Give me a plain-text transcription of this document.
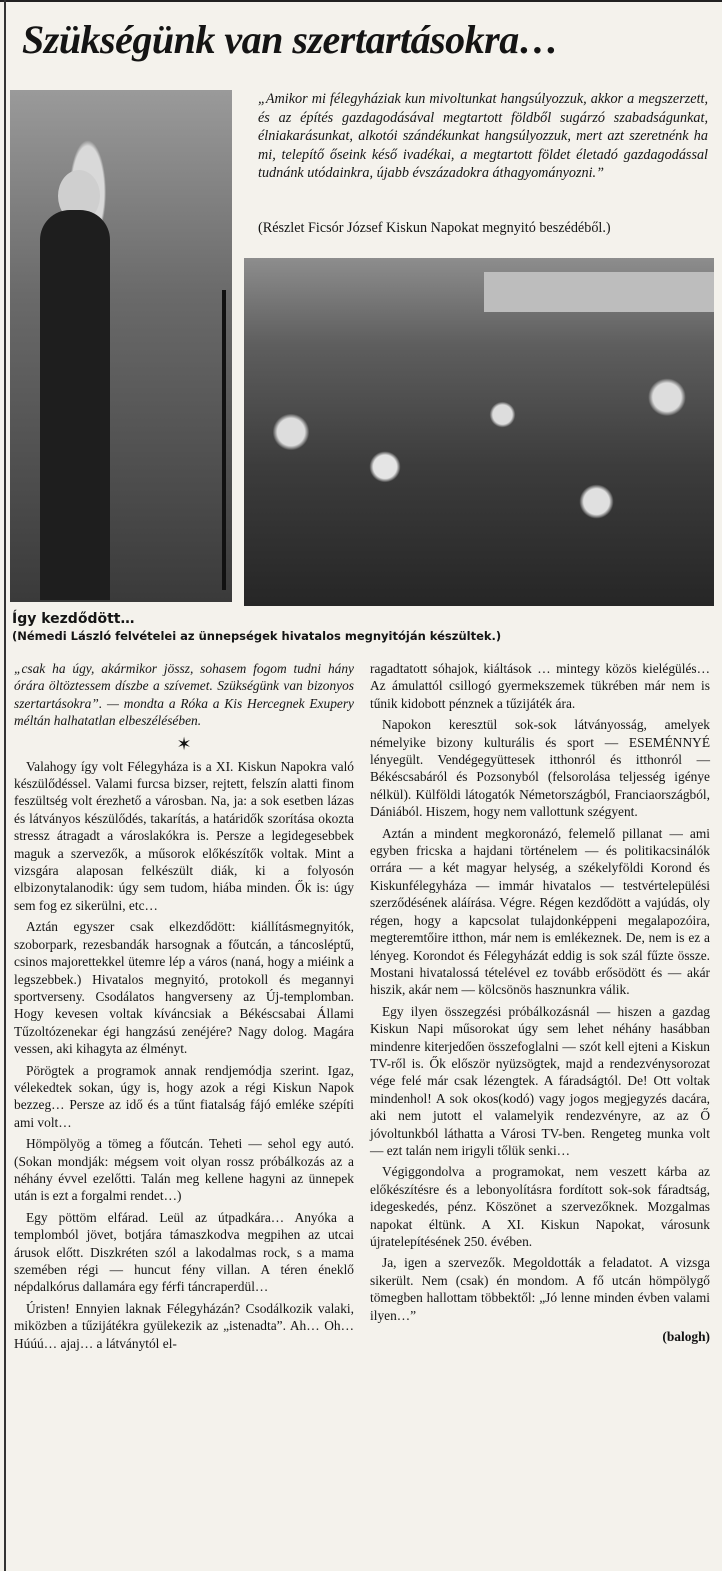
Szükségünk van szertartásokra…
„Amikor mi félegyháziak kun mivoltunkat hangsúlyozzuk, akkor a megszerzett, és az építés gazdagodásával megtartott földből sugárzó szabadságunkat, élniakarásunkat, alkotói szándékunkat hangsúlyozzuk, mert azt szeretnénk ha mi, telepítő őseink késő ivadékai, a megtartott földet életadó gazdagodással tudnánk utódainkra, újabb évszázadokra áthagyományozni.”
(Részlet Ficsór József Kiskun Napokat megnyitó beszédéből.)
Így kezdődött…
(Némedi László felvételei az ünnepségek hivatalos megnyitóján készültek.)

„csak ha úgy, akármikor jössz, sohasem fogom tudni hány órára öltöztessem díszbe a szívemet. Szükségünk van bizonyos szertartásokra”. — mondta a Róka a Kis Hercegnek Exupery méltán halhatatlan elbeszélésében.

✶

Valahogy így volt Félegyháza is a XI. Kiskun Napokra való készülődéssel. Valami furcsa bizser, rejtett, felszín alatti finom feszültség volt érezhető a városban. Na, ja: a sok esetben lázas és látványos készülődés, takarítás, a határidők szorítása okozta stressz átragadt a városlakókra is. Persze a legidegesebbek maguk a szervezők, a műsorok előkészítők voltak. Mint a vizsgára alaposan felkészült diák, ki a folyosón elbizonytalanodik: úgy sem tudom, hiába minden. Ők is: úgy sem fog ez sikerülni, etc…

Aztán egyszer csak elkezdődött: kiállításmegnyitók, szoborpark, rezesbandák harsognak a főutcán, a táncosléptű, csinos majorettekkel ütemre lép a város (naná, hogy a miéink a legszebbek.) Hivatalos megnyitó, protokoll és megannyi sportverseny. Csodálatos hangverseny az Új-templomban. Hogy kevesen voltak kíváncsiak a Békéscsabai Állami Tűzoltózenekar égi hangzású zenéjére? Nagy dolog. Magára vessen, aki kihagyta az élményt.

Pörögtek a programok annak rendjemódja szerint. Igaz, vélekedtek sokan, úgy is, hogy azok a régi Kiskun Napok bezzeg… Persze az idő és a tűnt fiatalság fájó emléke szépíti ami volt…

Hömpölyög a tömeg a főutcán. Teheti — sehol egy autó. (Sokan mondják: mégsem voit olyan rossz próbálkozás az a néhány évvel ezelőtti. Talán meg kellene hagyni az ünnepek után is ezt a forgalmi rendet…)

Egy pöttöm elfárad. Leül az útpadkára… Anyóka a templomból jövet, botjára támaszkodva megpihen az utcai árusok előtt. Diszkréten szól a lakodalmas rock, s a mama szemében régi — huncut fény villan. A téren éneklő népdalkórus dallamára egy férfi táncraperdül…

Úristen! Ennyien laknak Félegyházán? Csodálkozik valaki, miközben a tűzijátékra gyülekezik az „istenadta”. Ah… Oh… Húúú… ajaj… a látványtól el-

ragadtatott sóhajok, kiáltások … mintegy közös kielégülés… Az ámulattól csillogó gyermekszemek tükrében már nem is tűnik kidobott pénznek a tűzijáték ára.

Napokon keresztül sok-sok látványosság, amelyek némelyike bizony kulturális és sport — ESEMÉNNYÉ lényegült. Vendégegyüttesek itthonról és itthonról — Békéscsabáról és Pozsonyból (felsorolása teljesség igénye nélkül). Külföldi látogatók Németországból, Franciaországból, Dániából. Hiszem, hogy nem vallottunk szégyent.

Aztán a mindent megkoronázó, felemelő pillanat — ami egyben fricska a hajdani történelem — és politikacsinálók orrára — a két magyar helység, a székelyföldi Korond és Kiskunfélegyháza — immár hivatalos — testvértelepülési szerződésének aláírása. Végre. Régen kezdődött a vajúdás, oly régen, hogy a kapcsolat tulajdonképpeni megalapozóira, megteremtőire itthon, már nem is emlékeznek. De, nem is ez a lényeg. Korondot és Félegyházát eddig is sok szál fűzte össze. Mostani hivatalossá tételével ez tovább erősödött és — akár hiszik, akár nem — kölcsönös hasznunkra válik.

Egy ilyen összegzési próbálkozásnál — hiszen a gazdag Kiskun Napi műsorokat úgy sem lehet néhány hasábban mindenre kiterjedően összefoglalni — szót kell ejteni a Kiskun TV-ről is. Ők először nyüzsögtek, majd a rendezvénysorozat vége felé már csak lézengtek. A fáradságtól. De! Ott voltak mindenhol! A sok okos(kodó) vagy jogos megjegyzés dacára, aki nem jutott el valamelyik rendezvényre, az az Ő jóvoltunkból láthatta a Városi TV-ben. Rengeteg munka volt — ezt talán nem irigyli tőlük senki…

Végiggondolva a programokat, nem veszett kárba az előkészítésre és a lebonyolításra fordított sok-sok fáradtság, idegeskedés, pénz. Köszönet a szervezőknek. Mozgalmas napokat éltünk. A XI. Kiskun Napokat, városunk újratelepítésének 250. évében.

Ja, igen a szervezők. Megoldották a feladatot. A vizsga sikerült. Nem (csak) én mondom. A fő utcán hömpölygő tömegben hallottam többektől: „Jó lenne minden évben valami ilyen…”

(balogh)
